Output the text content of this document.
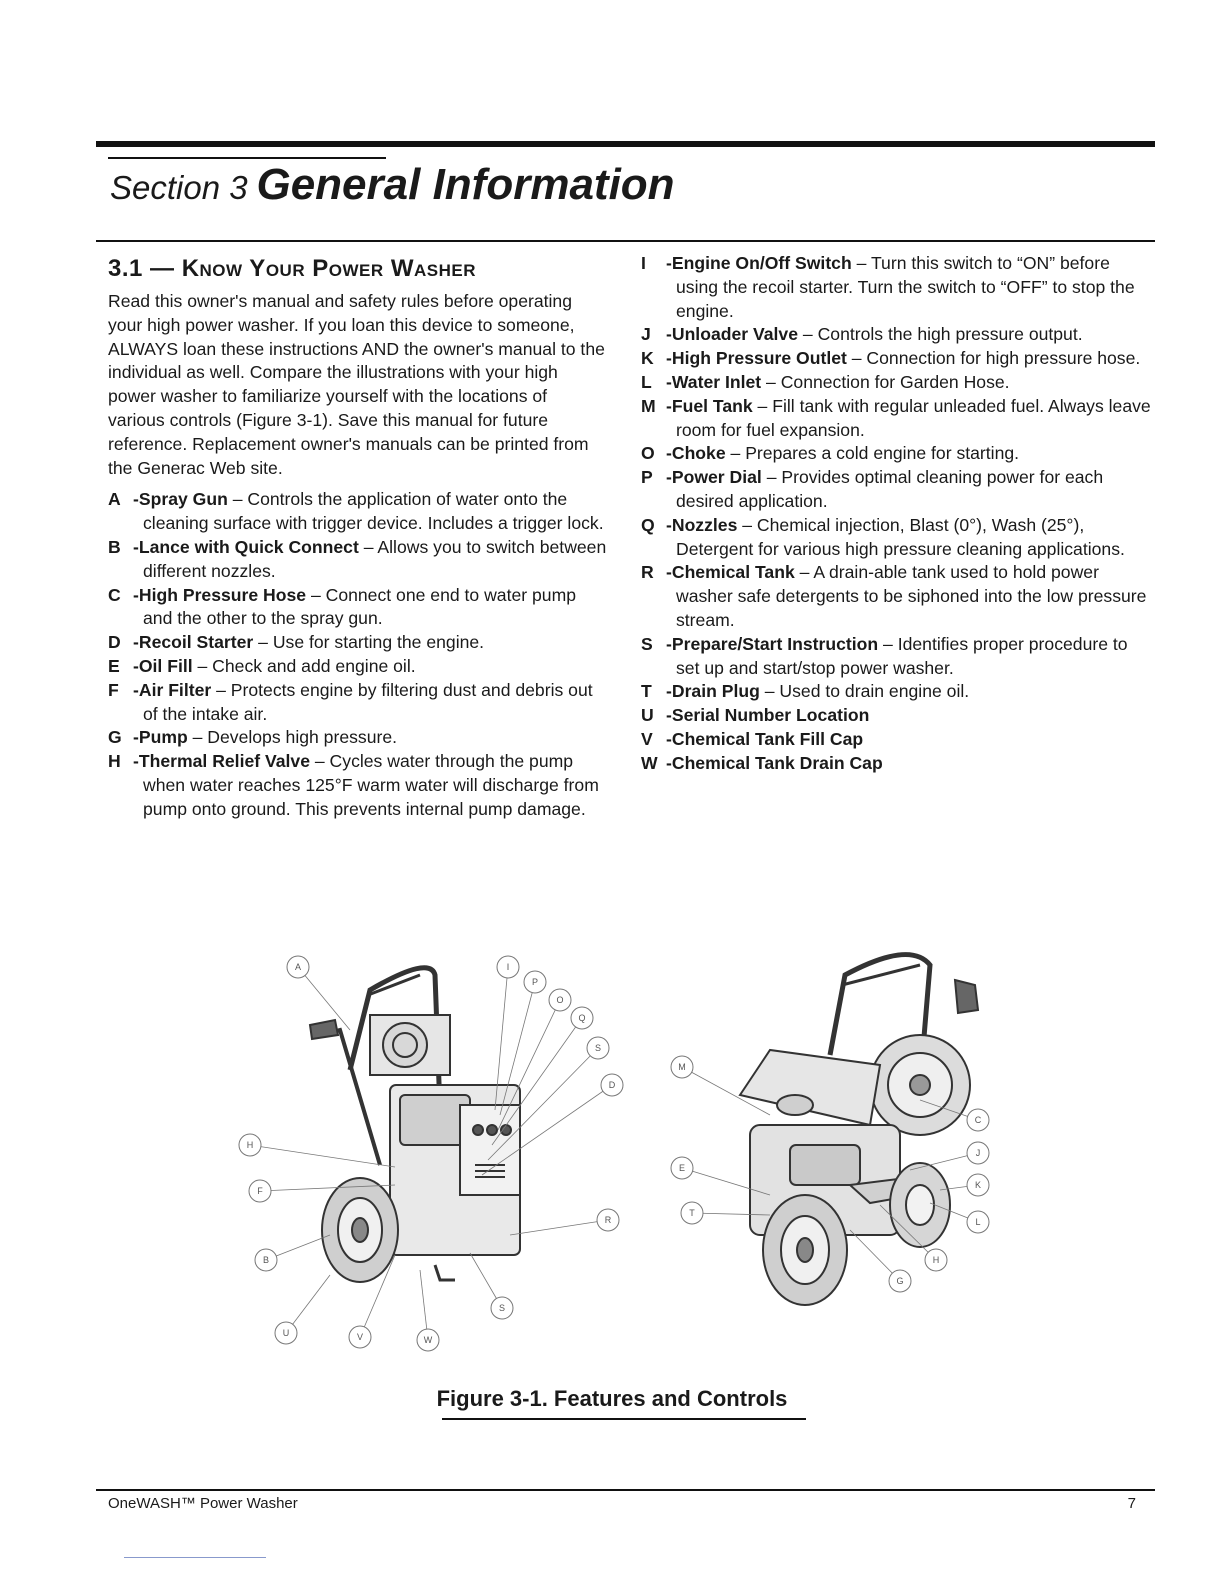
Section 3 General Information
3.1 — Know Your Power Washer

Read this owner's manual and safety rules before operating your high power washer. If you loan this device to someone, ALWAYS loan these instructions AND the owner's manual to the individual as well. Compare the illustrations with your high power washer to familiarize yourself with the locations of various controls (Figure 3-1). Save this manual for future reference. Replacement owner's manuals can be printed from the Generac Web site.

A -Spray Gun – Controls the application of water onto the cleaning surface with trigger device. Includes a trigger lock.
B -Lance with Quick Connect – Allows you to switch between different nozzles.
C -High Pressure Hose – Connect one end to water pump and the other to the spray gun.
D -Recoil Starter – Use for starting the engine.
E -Oil Fill – Check and add engine oil.
F -Air Filter – Protects engine by filtering dust and debris out of the intake air.
G -Pump – Develops high pressure.
H -Thermal Relief Valve – Cycles water through the pump when water reaches 125°F warm water will discharge from pump onto ground. This prevents internal pump damage.
I -Engine On/Off Switch – Turn this switch to “ON” before using the recoil starter. Turn the switch to “OFF” to stop the engine.
J -Unloader Valve – Controls the high pressure output.
K -High Pressure Outlet – Connection for high pressure hose.
L -Water Inlet – Connection for Garden Hose.
M -Fuel Tank – Fill tank with regular unleaded fuel. Always leave room for fuel expansion.
O -Choke – Prepares a cold engine for starting.
P -Power Dial – Provides optimal cleaning power for each desired application.
Q -Nozzles – Chemical injection, Blast (0°), Wash (25°), Detergent for various high pressure cleaning applications.
R -Chemical Tank – A drain-able tank used to hold power washer safe detergents to be siphoned into the low pressure stream.
S -Prepare/Start Instruction – Identifies proper procedure to set up and start/stop power washer.
T -Drain Plug – Used to drain engine oil.
U -Serial Number Location
V -Chemical Tank Fill Cap
W -Chemical Tank Drain Cap
A	I
P
O
Q
S
D
H
F
B
R
S
U	V	W
M
C
J
E
K
T
L
H
G

Figure 3-1. Features and Controls

OneWASH™ Power Washer	7
